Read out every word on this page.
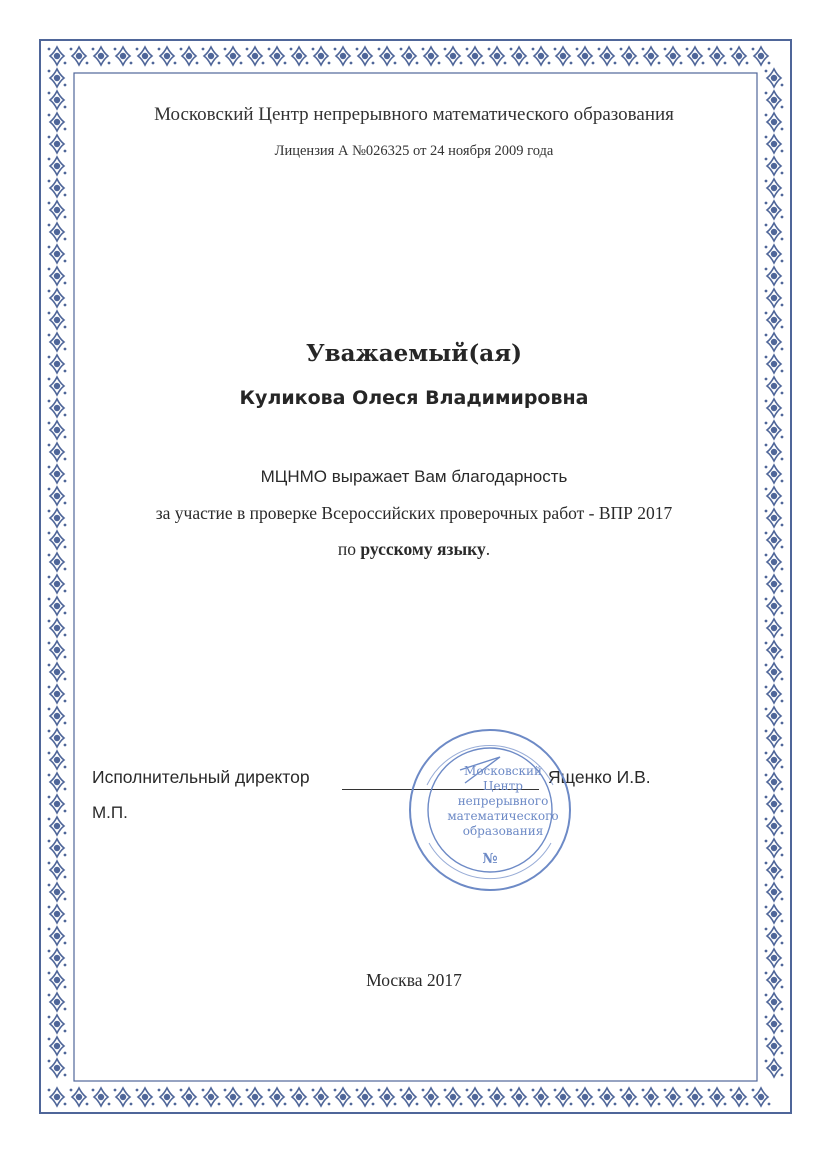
Московский Центр непрерывного математического образования
Лицензия А №026325 от 24 ноября 2009 года
Уважаемый(ая)
Куликова Олеся Владимировна
МЦНМО выражает Вам благодарность
за участие в проверке Всероссийских проверочных работ - ВПР 2017
по русскому языку.
Исполнительный директор	Ященко И.В.
М.П.
Московский
Центр
непрерывного
математического
образования
№
Москва 2017
